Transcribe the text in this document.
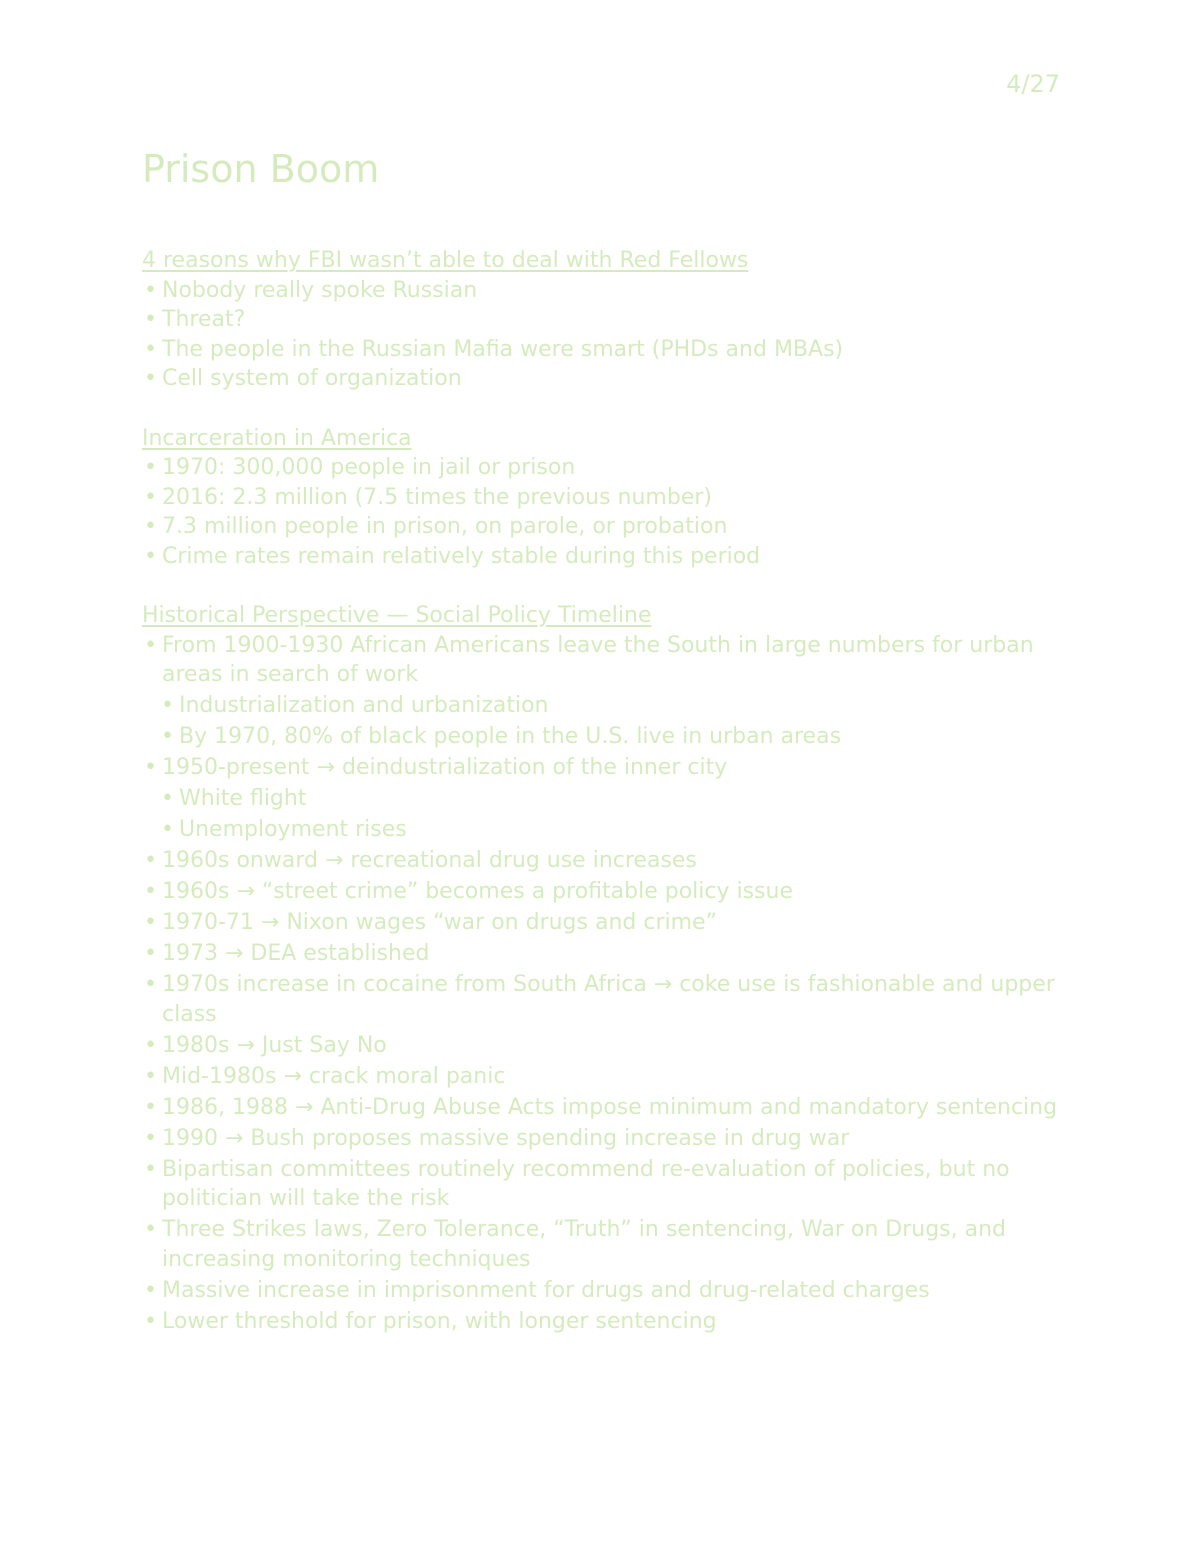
4/27
Prison Boom
4 reasons why FBI wasn’t able to deal with Red Fellows
• Nobody really spoke Russian
• Threat?
• The people in the Russian Mafia were smart (PHDs and MBAs)
• Cell system of organization
Incarceration in America
• 1970: 300,000 people in jail or prison
• 2016: 2.3 million (7.5 times the previous number)
• 7.3 million people in prison, on parole, or probation
• Crime rates remain relatively stable during this period
Historical Perspective — Social Policy Timeline
• From 1900-1930 African Americans leave the South in large numbers for urban areas in search of work
• Industrialization and urbanization
• By 1970, 80% of black people in the U.S. live in urban areas
• 1950-present → deindustrialization of the inner city
• White flight
• Unemployment rises
• 1960s onward → recreational drug use increases
• 1960s → “street crime” becomes a profitable policy issue
• 1970-71 → Nixon wages “war on drugs and crime”
• 1973 → DEA established
• 1970s increase in cocaine from South Africa → coke use is fashionable and upper class
• 1980s → Just Say No
• Mid-1980s → crack moral panic
• 1986, 1988 → Anti-Drug Abuse Acts impose minimum and mandatory sentencing
• 1990 → Bush proposes massive spending increase in drug war
• Bipartisan committees routinely recommend re-evaluation of policies, but no politician will take the risk
• Three Strikes laws, Zero Tolerance, “Truth” in sentencing, War on Drugs, and increasing monitoring techniques
• Massive increase in imprisonment for drugs and drug-related charges
• Lower threshold for prison, with longer sentencing
